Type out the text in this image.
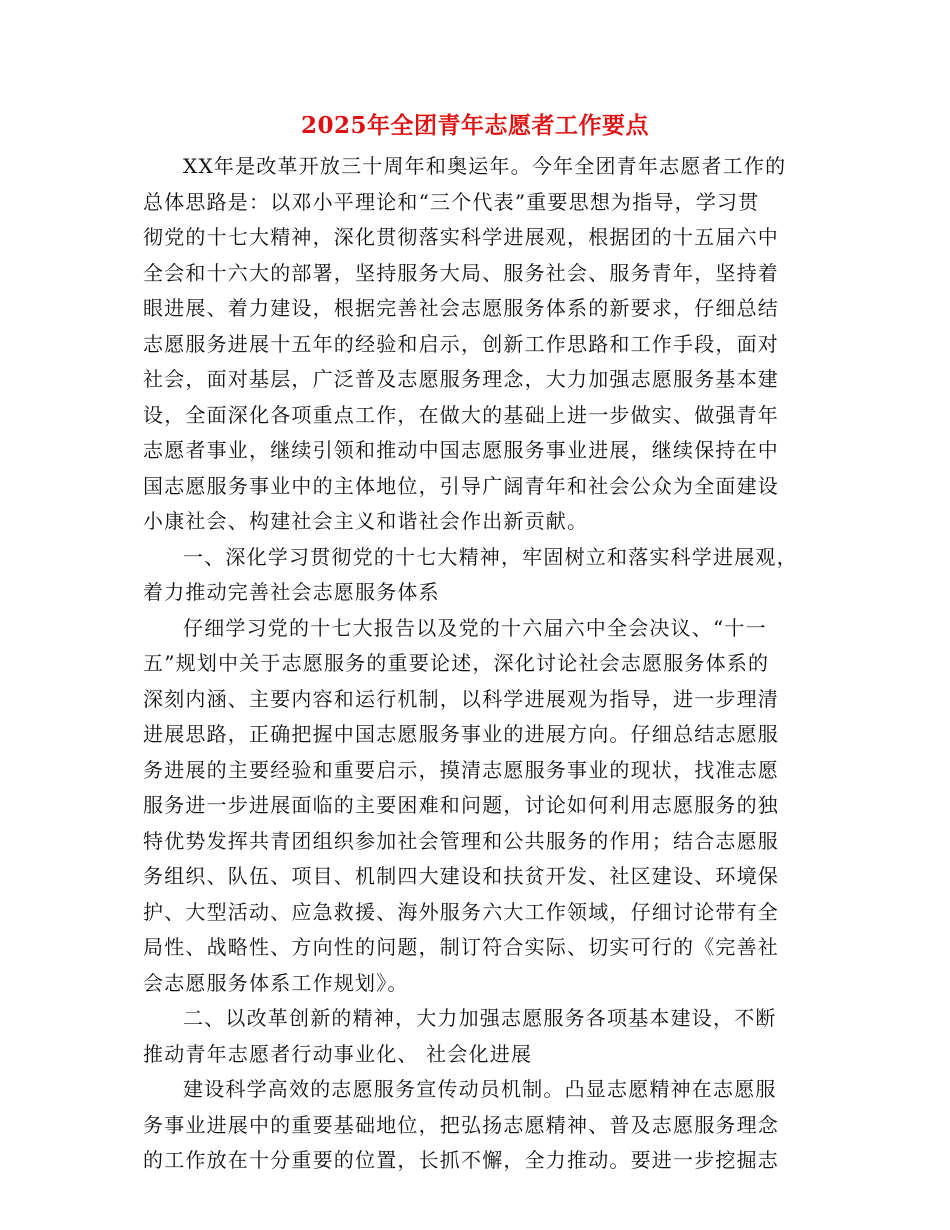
2025年全团青年志愿者工作要点
XX年是改革开放三十周年和奥运年。今年全团青年志愿者工作的
总体思路是：以邓小平理论和“三个代表”重要思想为指导，学习贯
彻党的十七大精神，深化贯彻落实科学进展观，根据团的十五届六中
全会和十六大的部署，坚持服务大局、服务社会、服务青年，坚持着
眼进展、着力建设，根据完善社会志愿服务体系的新要求，仔细总结
志愿服务进展十五年的经验和启示，创新工作思路和工作手段，面对
社会，面对基层，广泛普及志愿服务理念，大力加强志愿服务基本建
设，全面深化各项重点工作，在做大的基础上进一步做实、做强青年
志愿者事业，继续引领和推动中国志愿服务事业进展，继续保持在中
国志愿服务事业中的主体地位，引导广阔青年和社会公众为全面建设
小康社会、构建社会主义和谐社会作出新贡献。
一、深化学习贯彻党的十七大精神，牢固树立和落实科学进展观，
着力推动完善社会志愿服务体系
仔细学习党的十七大报告以及党的十六届六中全会决议、“十一
五”规划中关于志愿服务的重要论述，深化讨论社会志愿服务体系的
深刻内涵、主要内容和运行机制，以科学进展观为指导，进一步理清
进展思路，正确把握中国志愿服务事业的进展方向。仔细总结志愿服
务进展的主要经验和重要启示，摸清志愿服务事业的现状，找准志愿
服务进一步进展面临的主要困难和问题，讨论如何利用志愿服务的独
特优势发挥共青团组织参加社会管理和公共服务的作用；结合志愿服
务组织、队伍、项目、机制四大建设和扶贫开发、社区建设、环境保
护、大型活动、应急救援、海外服务六大工作领域，仔细讨论带有全
局性、战略性、方向性的问题，制订符合实际、切实可行的《完善社
会志愿服务体系工作规划》。
二、以改革创新的精神，大力加强志愿服务各项基本建设，不断
推动青年志愿者行动事业化、 社会化进展
建设科学高效的志愿服务宣传动员机制。凸显志愿精神在志愿服
务事业进展中的重要基础地位，把弘扬志愿精神、普及志愿服务理念
的工作放在十分重要的位置，长抓不懈，全力推动。要进一步挖掘志
